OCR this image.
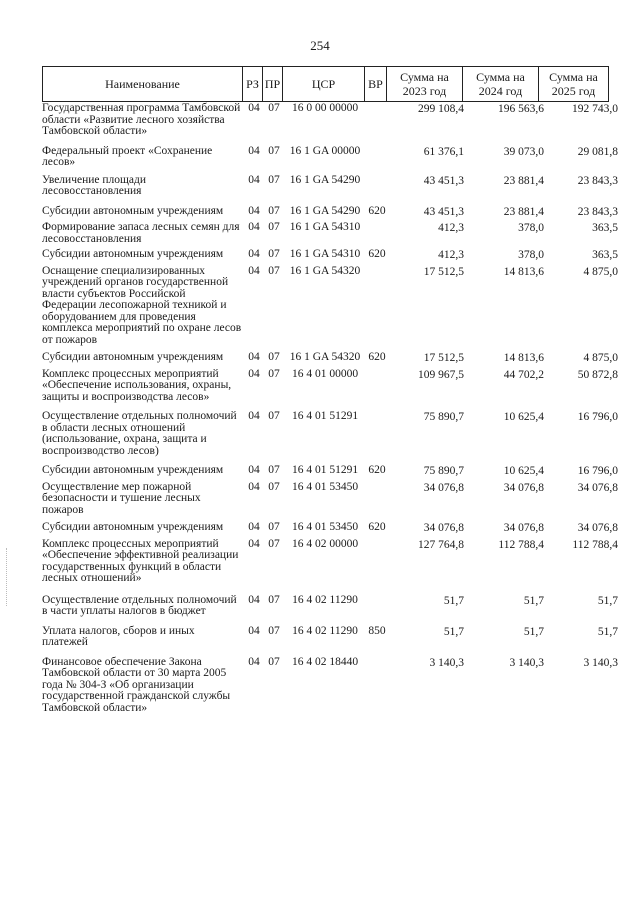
254
Наименование	РЗ	ПР	ЦСР	ВР	Сумма на 2023 год	Сумма на 2024 год	Сумма на 2025 год
Государственная программа Тамбовской области «Развитие лесного хозяйства Тамбовской области»	04	07	16 0 00 00000		299 108,4	196 563,6	192 743,0
Федеральный проект «Сохранение лесов»	04	07	16 1 GA 00000		61 376,1	39 073,0	29 081,8
Увеличение площади лесовосстановления	04	07	16 1 GA 54290		43 451,3	23 881,4	23 843,3
Субсидии автономным учреждениям	04	07	16 1 GA 54290	620	43 451,3	23 881,4	23 843,3
Формирование запаса лесных семян для лесовосстановления	04	07	16 1 GA 54310		412,3	378,0	363,5
Субсидии автономным учреждениям	04	07	16 1 GA 54310	620	412,3	378,0	363,5
Оснащение специализированных учреждений органов государственной власти субъектов Российской Федерации лесопожарной техникой и оборудованием для проведения комплекса мероприятий по охране лесов от пожаров	04	07	16 1 GA 54320		17 512,5	14 813,6	4 875,0
Субсидии автономным учреждениям	04	07	16 1 GA 54320	620	17 512,5	14 813,6	4 875,0
Комплекс процессных мероприятий «Обеспечение использования, охраны, защиты и воспроизводства лесов»	04	07	16 4 01 00000		109 967,5	44 702,2	50 872,8
Осуществление отдельных полномочий в области лесных отношений (использование, охрана, защита и воспроизводство лесов)	04	07	16 4 01 51291		75 890,7	10 625,4	16 796,0
Субсидии автономным учреждениям	04	07	16 4 01 51291	620	75 890,7	10 625,4	16 796,0
Осуществление мер пожарной безопасности и тушение лесных пожаров	04	07	16 4 01 53450		34 076,8	34 076,8	34 076,8
Субсидии автономным учреждениям	04	07	16 4 01 53450	620	34 076,8	34 076,8	34 076,8
Комплекс процессных мероприятий «Обеспечение эффективной реализации государственных функций в области лесных отношений»	04	07	16 4 02 00000		127 764,8	112 788,4	112 788,4
Осуществление отдельных полномочий в части уплаты налогов в бюджет	04	07	16 4 02 11290		51,7	51,7	51,7
Уплата налогов, сборов и иных платежей	04	07	16 4 02 11290	850	51,7	51,7	51,7
Финансовое обеспечение Закона Тамбовской области от 30 марта 2005 года № 304-З «Об организации государственной гражданской службы Тамбовской области»	04	07	16 4 02 18440		3 140,3	3 140,3	3 140,3
